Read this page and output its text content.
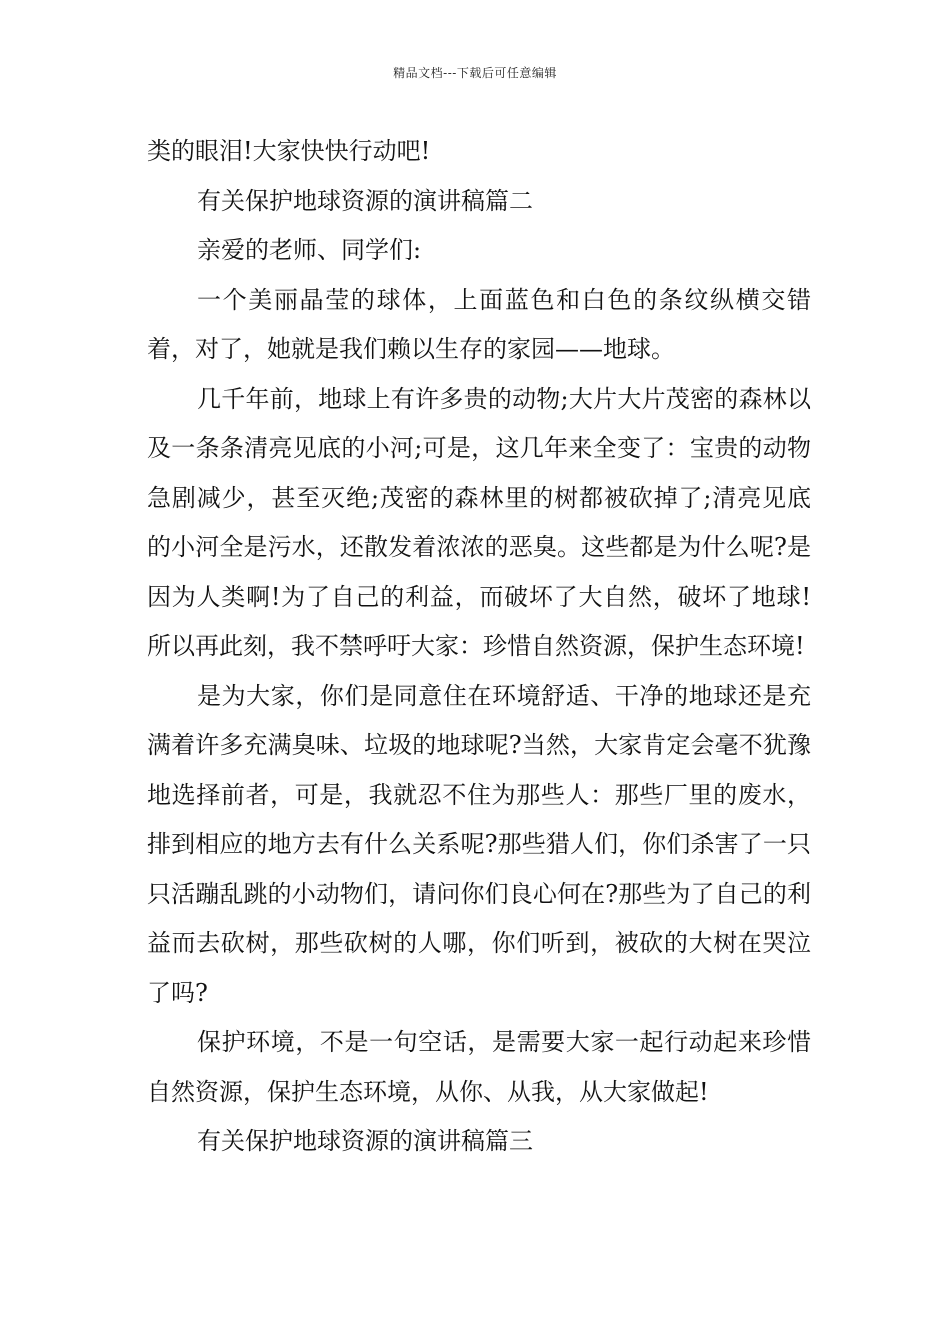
精品文档---下载后可任意编辑

类的眼泪!大家快快行动吧!

有关保护地球资源的演讲稿篇二

亲爱的老师、同学们:

一个美丽晶莹的球体，上面蓝色和白色的条纹纵横交错着，对了，她就是我们赖以生存的家园——地球。

几千年前，地球上有许多贵的动物;大片大片茂密的森林以及一条条清亮见底的小河;可是，这几年来全变了：宝贵的动物急剧减少，甚至灭绝;茂密的森林里的树都被砍掉了;清亮见底的小河全是污水，还散发着浓浓的恶臭。这些都是为什么呢?是因为人类啊!为了自己的利益，而破坏了大自然，破坏了地球!所以再此刻，我不禁呼吁大家：珍惜自然资源，保护生态环境!

是为大家，你们是同意住在环境舒适、干净的地球还是充满着许多充满臭味、垃圾的地球呢?当然，大家肯定会毫不犹豫地选择前者，可是，我就忍不住为那些人：那些厂里的废水，排到相应的地方去有什么关系呢?那些猎人们，你们杀害了一只只活蹦乱跳的小动物们，请问你们良心何在?那些为了自己的利益而去砍树，那些砍树的人哪，你们听到，被砍的大树在哭泣了吗?

保护环境，不是一句空话，是需要大家一起行动起来珍惜自然资源，保护生态环境，从你、从我，从大家做起!

有关保护地球资源的演讲稿篇三
